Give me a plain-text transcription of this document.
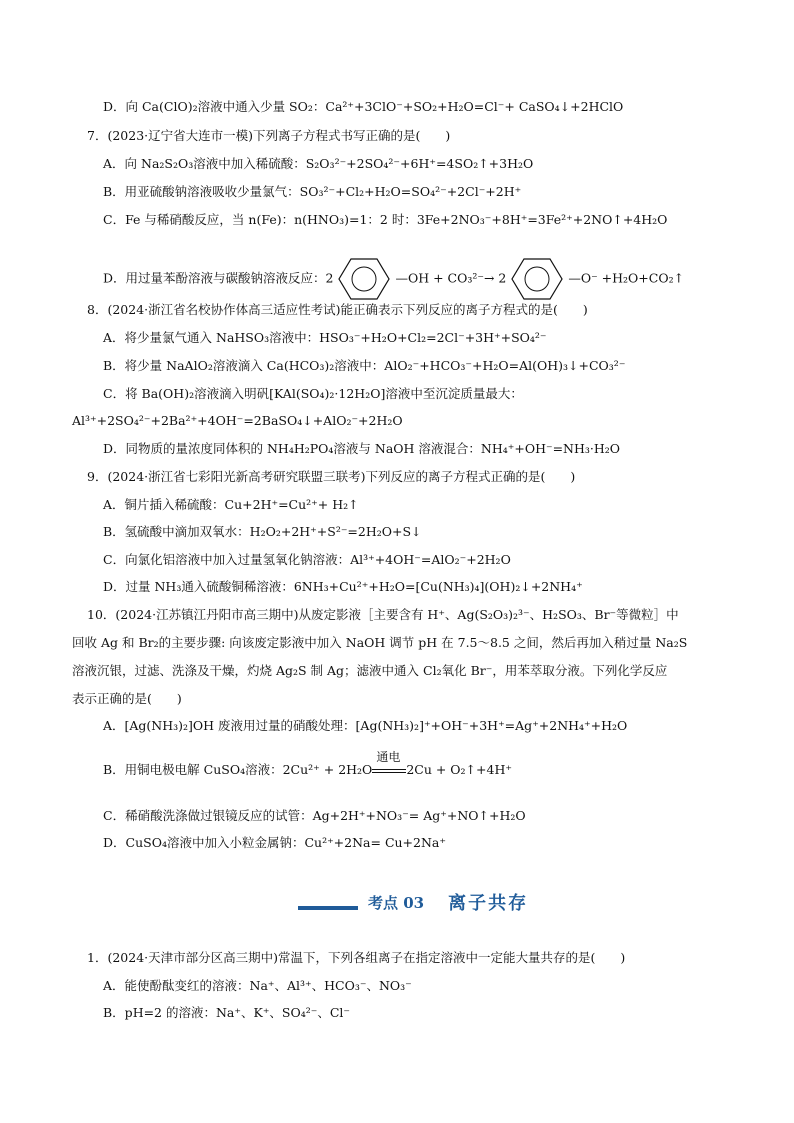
D．向 Ca(ClO)₂溶液中通入少量 SO₂：Ca²⁺+3ClO⁻+SO₂+H₂O=Cl⁻+ CaSO₄↓+2HClO
7．(2023·辽宁省大连市一模)下列离子方程式书写正确的是(　　)
A．向 Na₂S₂O₃溶液中加入稀硫酸：S₂O₃²⁻+2SO₄²⁻+6H⁺=4SO₂↑+3H₂O
B．用亚硫酸钠溶液吸收少量氯气：SO₃²⁻+Cl₂+H₂O=SO₄²⁻+2Cl⁻+2H⁺
C．Fe 与稀硝酸反应，当 n(Fe)：n(HNO₃)=1：2 时：3Fe+2NO₃⁻+8H⁺=3Fe²⁺+2NO↑+4H₂O
D．用过量苯酚溶液与碳酸钠溶液反应：2	—OH + CO₃²⁻→ 2	—O⁻ +H₂O+CO₂↑
8．(2024·浙江省名校协作体高三适应性考试)能正确表示下列反应的离子方程式的是(　　)
A．将少量氯气通入 NaHSO₃溶液中：HSO₃⁻+H₂O+Cl₂=2Cl⁻+3H⁺+SO₄²⁻
B．将少量 NaAlO₂溶液滴入 Ca(HCO₃)₂溶液中：AlO₂⁻+HCO₃⁻+H₂O=Al(OH)₃↓+CO₃²⁻
C．将 Ba(OH)₂溶液滴入明矾[KAl(SO₄)₂·12H₂O]溶液中至沉淀质量最大：
Al³⁺+2SO₄²⁻+2Ba²⁺+4OH⁻=2BaSO₄↓+AlO₂⁻+2H₂O
D．同物质的量浓度同体积的 NH₄H₂PO₄溶液与 NaOH 溶液混合：NH₄⁺+OH⁻=NH₃·H₂O
9．(2024·浙江省七彩阳光新高考研究联盟三联考)下列反应的离子方程式正确的是(　　)
A．铜片插入稀硫酸：Cu+2H⁺=Cu²⁺+ H₂↑
B．氢硫酸中滴加双氧水：H₂O₂+2H⁺+S²⁻=2H₂O+S↓
C．向氯化铝溶液中加入过量氢氧化钠溶液：Al³⁺+4OH⁻=AlO₂⁻+2H₂O
D．过量 NH₃通入硫酸铜稀溶液：6NH₃+Cu²⁺+H₂O=[Cu(NH₃)₄](OH)₂↓+2NH₄⁺
10．(2024·江苏镇江丹阳市高三期中)从废定影液［主要含有 H⁺、Ag(S₂O₃)₂³⁻、H₂SO₃、Br⁻等微粒］中
回收 Ag 和 Br₂的主要步骤: 向该废定影液中加入 NaOH 调节 pH 在 7.5～8.5 之间，然后再加入稍过量 Na₂S
溶液沉银，过滤、洗涤及干燥，灼烧 Ag₂S 制 Ag；滤液中通入 Cl₂氧化 Br⁻，用苯萃取分液。下列化学反应
表示正确的是(　　)
A．[Ag(NH₃)₂]OH 废液用过量的硝酸处理：[Ag(NH₃)₂]⁺+OH⁻+3H⁺=Ag⁺+2NH₄⁺+H₂O
B．用铜电极电解 CuSO₄溶液：2Cu²⁺ + 2H₂O
通电
2Cu + O₂↑+4H⁺
C．稀硝酸洗涤做过银镜反应的试管：Ag+2H⁺+NO₃⁻= Ag⁺+NO↑+H₂O
D．CuSO₄溶液中加入小粒金属钠：Cu²⁺+2Na= Cu+2Na⁺
考点 03 离子共存
1．(2024·天津市部分区高三期中)常温下，下列各组离子在指定溶液中一定能大量共存的是(　　)
A．能使酚酞变红的溶液：Na⁺、Al³⁺、HCO₃⁻、NO₃⁻
B．pH=2 的溶液：Na⁺、K⁺、SO₄²⁻、Cl⁻
